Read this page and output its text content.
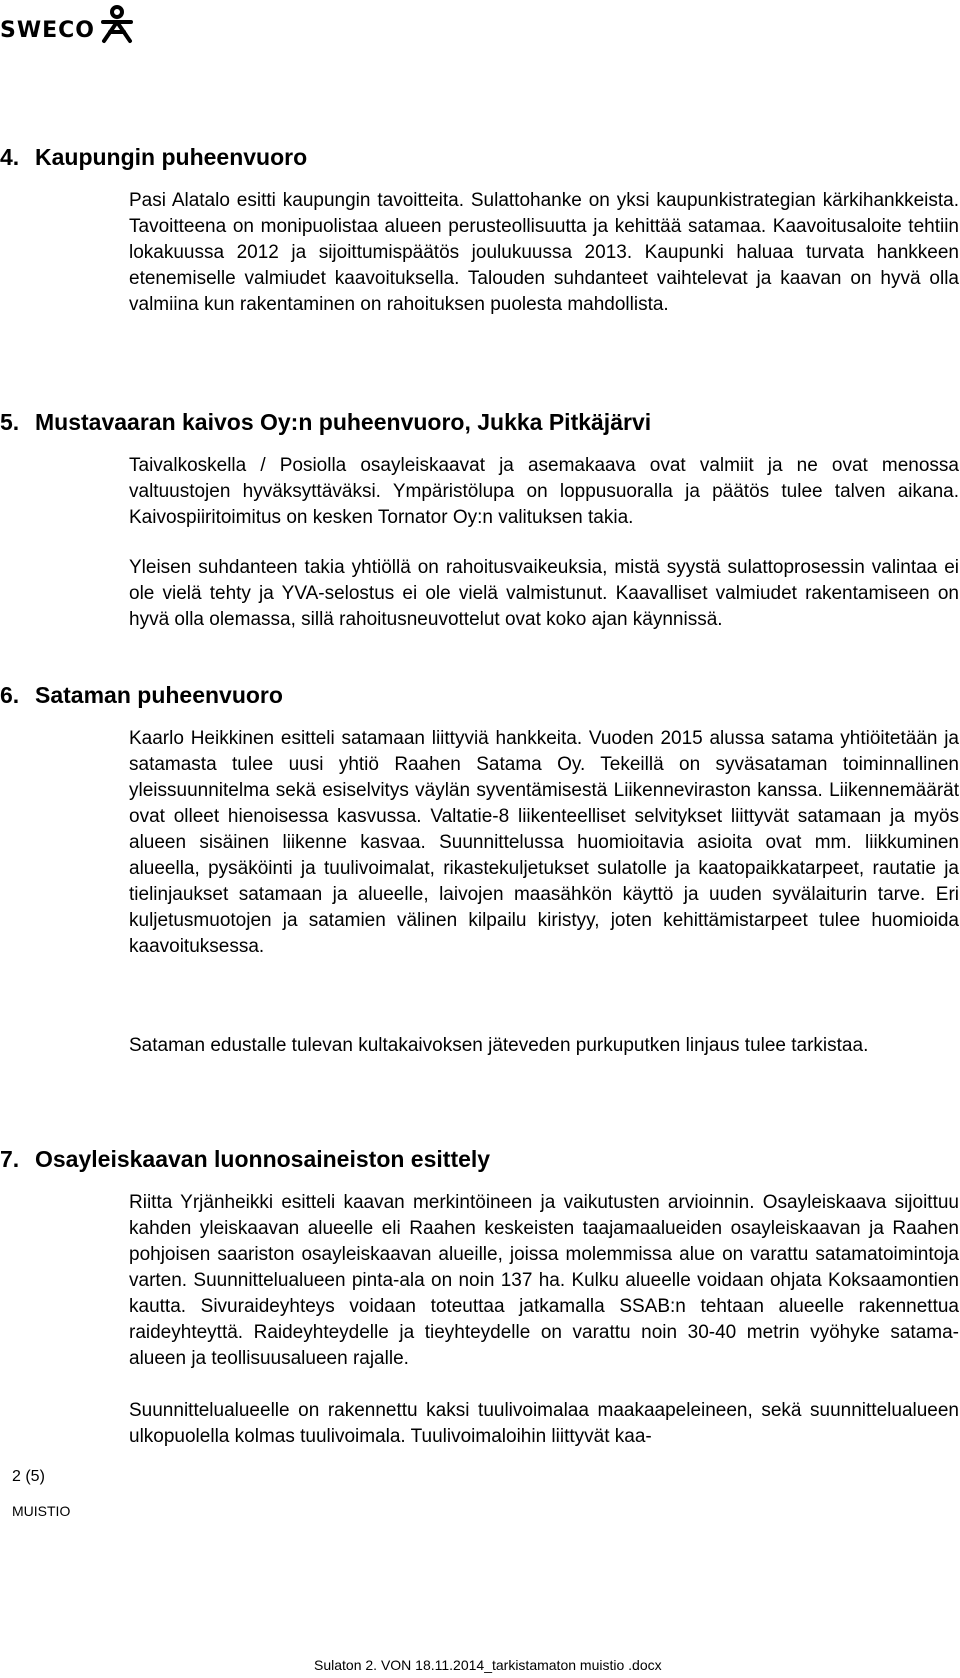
SWECO
4. Kaupungin puheenvuoro

Pasi Alatalo esitti kaupungin tavoitteita. Sulattohanke on yksi kaupunkistrategian kärkihankkeista. Tavoitteena on monipuolistaa alueen perusteollisuutta ja kehittää satamaa. Kaavoitusaloite tehtiin lokakuussa 2012 ja sijoittumispäätös joulukuussa 2013. Kaupunki haluaa turvata hankkeen etenemiselle valmiudet kaavoituksella. Talouden suhdanteet vaihtelevat ja kaavan on hyvä olla valmiina kun rakentaminen on rahoituksen puolesta mahdollista.

5. Mustavaaran kaivos Oy:n puheenvuoro, Jukka Pitkäjärvi

Taivalkoskella / Posiolla osayleiskaavat ja asemakaava ovat valmiit ja ne ovat menossa valtuustojen hyväksyttäväksi. Ympäristölupa on loppusuoralla ja päätös tulee talven aikana. Kaivospiiritoimitus on kesken Tornator Oy:n valituksen takia.

Yleisen suhdanteen takia yhtiöllä on rahoitusvaikeuksia, mistä syystä sulattoprosessin valintaa ei ole vielä tehty ja YVA-selostus ei ole vielä valmistunut. Kaavalliset valmiudet rakentamiseen on hyvä olla olemassa, sillä rahoitusneuvottelut ovat koko ajan käynnissä.

6. Sataman puheenvuoro

Kaarlo Heikkinen esitteli satamaan liittyviä hankkeita. Vuoden 2015 alussa satama yhtiöitetään ja satamasta tulee uusi yhtiö Raahen Satama Oy. Tekeillä on syväsataman toiminnallinen yleissuunnitelma sekä esiselvitys väylän syventämisestä Liikenneviraston kanssa. Liikennemäärät ovat olleet hienoisessa kasvussa. Valtatie-8 liikenteelliset selvitykset liittyvät satamaan ja myös alueen sisäinen liikenne kasvaa. Suunnittelussa huomioitavia asioita ovat mm. liikkuminen alueella, pysäköinti ja tuulivoimalat, rikastekuljetukset sulatolle ja kaatopaikkatarpeet, rautatie ja tielinjaukset satamaan ja alueelle, laivojen maasähkön käyttö ja uuden syvälaiturin tarve. Eri kuljetusmuotojen ja satamien välinen kilpailu kiristyy, joten kehittämistarpeet tulee huomioida kaavoituksessa.

Sataman edustalle tulevan kultakaivoksen jäteveden purkuputken linjaus tulee tarkistaa.

7. Osayleiskaavan luonnosaineiston esittely

Riitta Yrjänheikki esitteli kaavan merkintöineen ja vaikutusten arvioinnin. Osayleiskaava sijoittuu kahden yleiskaavan alueelle eli Raahen keskeisten taajamaalueiden osayleiskaavan ja Raahen pohjoisen saariston osayleiskaavan alueille, joissa molemmissa alue on varattu satamatoimintoja varten. Suunnittelualueen pinta-ala on noin 137 ha. Kulku alueelle voidaan ohjata Koksaamontien kautta. Sivuraideyhteys voidaan toteuttaa jatkamalla SSAB:n tehtaan alueelle rakennettua raideyhteyttä. Raideyhteydelle ja tieyhteydelle on varattu noin 30-40 metrin vyöhyke satama-alueen ja teollisuusalueen rajalle.

Suunnittelualueelle on rakennettu kaksi tuulivoimalaa maakaapeleineen, sekä suunnittelualueen ulkopuolella kolmas tuulivoimala. Tuulivoimaloihin liittyvät kaa-

2 (5)
MUISTIO
Sulaton 2. VON 18.11.2014_tarkistamaton muistio .docx
